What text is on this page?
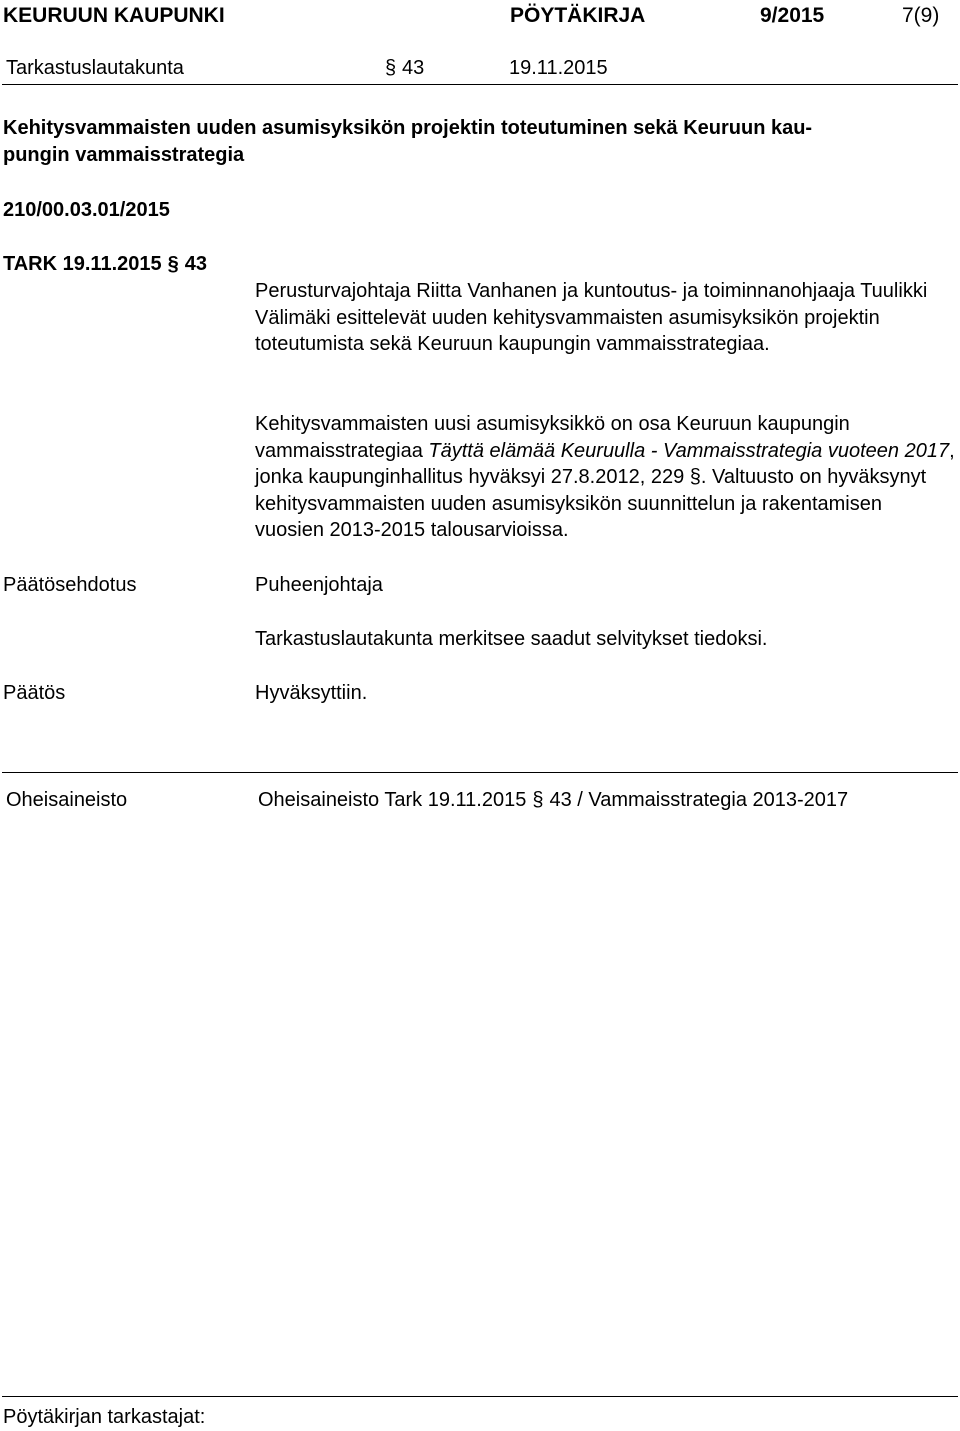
KEURUUN KAUPUNKI	PÖYTÄKIRJA	9/2015	7(9)
Tarkastuslautakunta	§ 43	19.11.2015
Kehitysvammaisten uuden asumisyksikön projektin toteutuminen sekä Keuruun kau-
pungin vammaisstrategia
210/00.03.01/2015
TARK 19.11.2015 § 43
Perusturvajohtaja Riitta Vanhanen ja kuntoutus- ja toiminnanohjaaja Tuulikki Välimäki esittelevät uuden kehitysvammaisten asumisyksikön projektin toteutumista sekä Keuruun kaupungin vammaisstrategiaa.
Kehitysvammaisten uusi asumisyksikkö on osa Keuruun kaupungin vammaisstrategiaa Täyttä elämää Keuruulla - Vammaisstrategia vuoteen 2017, jonka kaupunginhallitus hyväksyi 27.8.2012, 229 §. Valtuusto on hyväksynyt kehitysvammaisten uuden asumisyksikön suunnittelun ja rakentamisen vuosien 2013-2015 talousarvioissa.
Päätösehdotus	Puheenjohtaja
Tarkastuslautakunta merkitsee saadut selvitykset tiedoksi.
Päätös	Hyväksyttiin.
Oheisaineisto	Oheisaineisto Tark 19.11.2015 § 43 / Vammaisstrategia 2013-2017
Pöytäkirjan tarkastajat:
